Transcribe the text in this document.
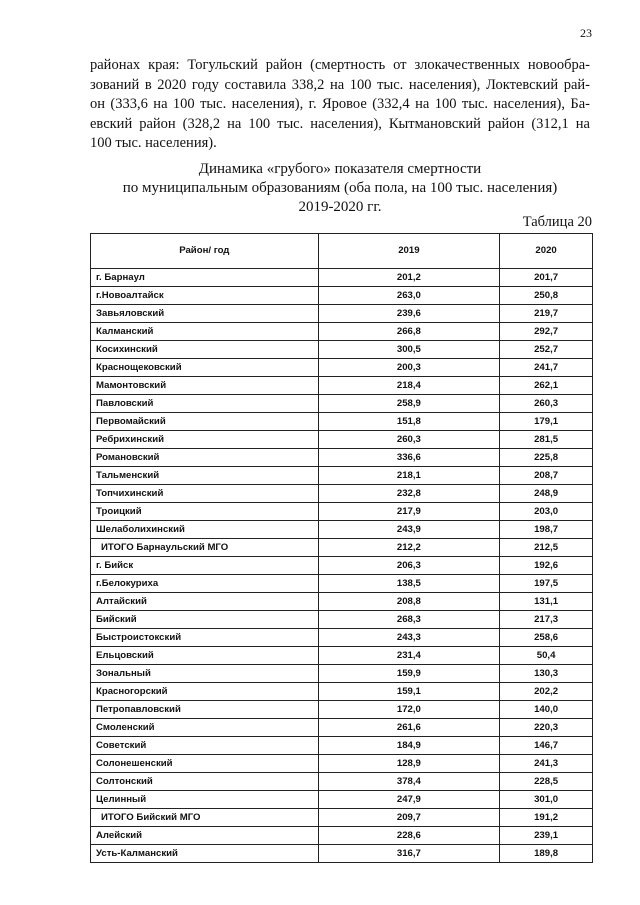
23
районах края: Тогульский район (смертность от злокачественных новообра-
зований в 2020 году составила 338,2 на 100 тыс. населения), Локтевский рай-
он (333,6 на 100 тыс. населения), г. Яровое (332,4 на 100 тыс. населения), Ба-
евский район (328,2 на 100 тыс. населения), Кытмановский район (312,1 на
100 тыс. населения).
Динамика «грубого» показателя смертности
по муниципальным образованиям (оба пола, на 100 тыс. населения)
2019-2020 гг.
Таблица 20
Район/ год	2019	2020
г. Барнаул	201,2	201,7
г.Новоалтайск	263,0	250,8
Завьяловский	239,6	219,7
Калманский	266,8	292,7
Косихинский	300,5	252,7
Краснощековский	200,3	241,7
Мамонтовский	218,4	262,1
Павловский	258,9	260,3
Первомайский	151,8	179,1
Ребрихинский	260,3	281,5
Романовский	336,6	225,8
Тальменский	218,1	208,7
Топчихинский	232,8	248,9
Троицкий	217,9	203,0
Шелаболихинский	243,9	198,7
ИТОГО Барнаульский МГО	212,2	212,5
г. Бийск	206,3	192,6
г.Белокуриха	138,5	197,5
Алтайский	208,8	131,1
Бийский	268,3	217,3
Быстроистокский	243,3	258,6
Ельцовский	231,4	50,4
Зональный	159,9	130,3
Красногорский	159,1	202,2
Петропавловский	172,0	140,0
Смоленский	261,6	220,3
Советский	184,9	146,7
Солонешенский	128,9	241,3
Солтонский	378,4	228,5
Целинный	247,9	301,0
ИТОГО Бийский МГО	209,7	191,2
Алейский	228,6	239,1
Усть-Калманский	316,7	189,8
